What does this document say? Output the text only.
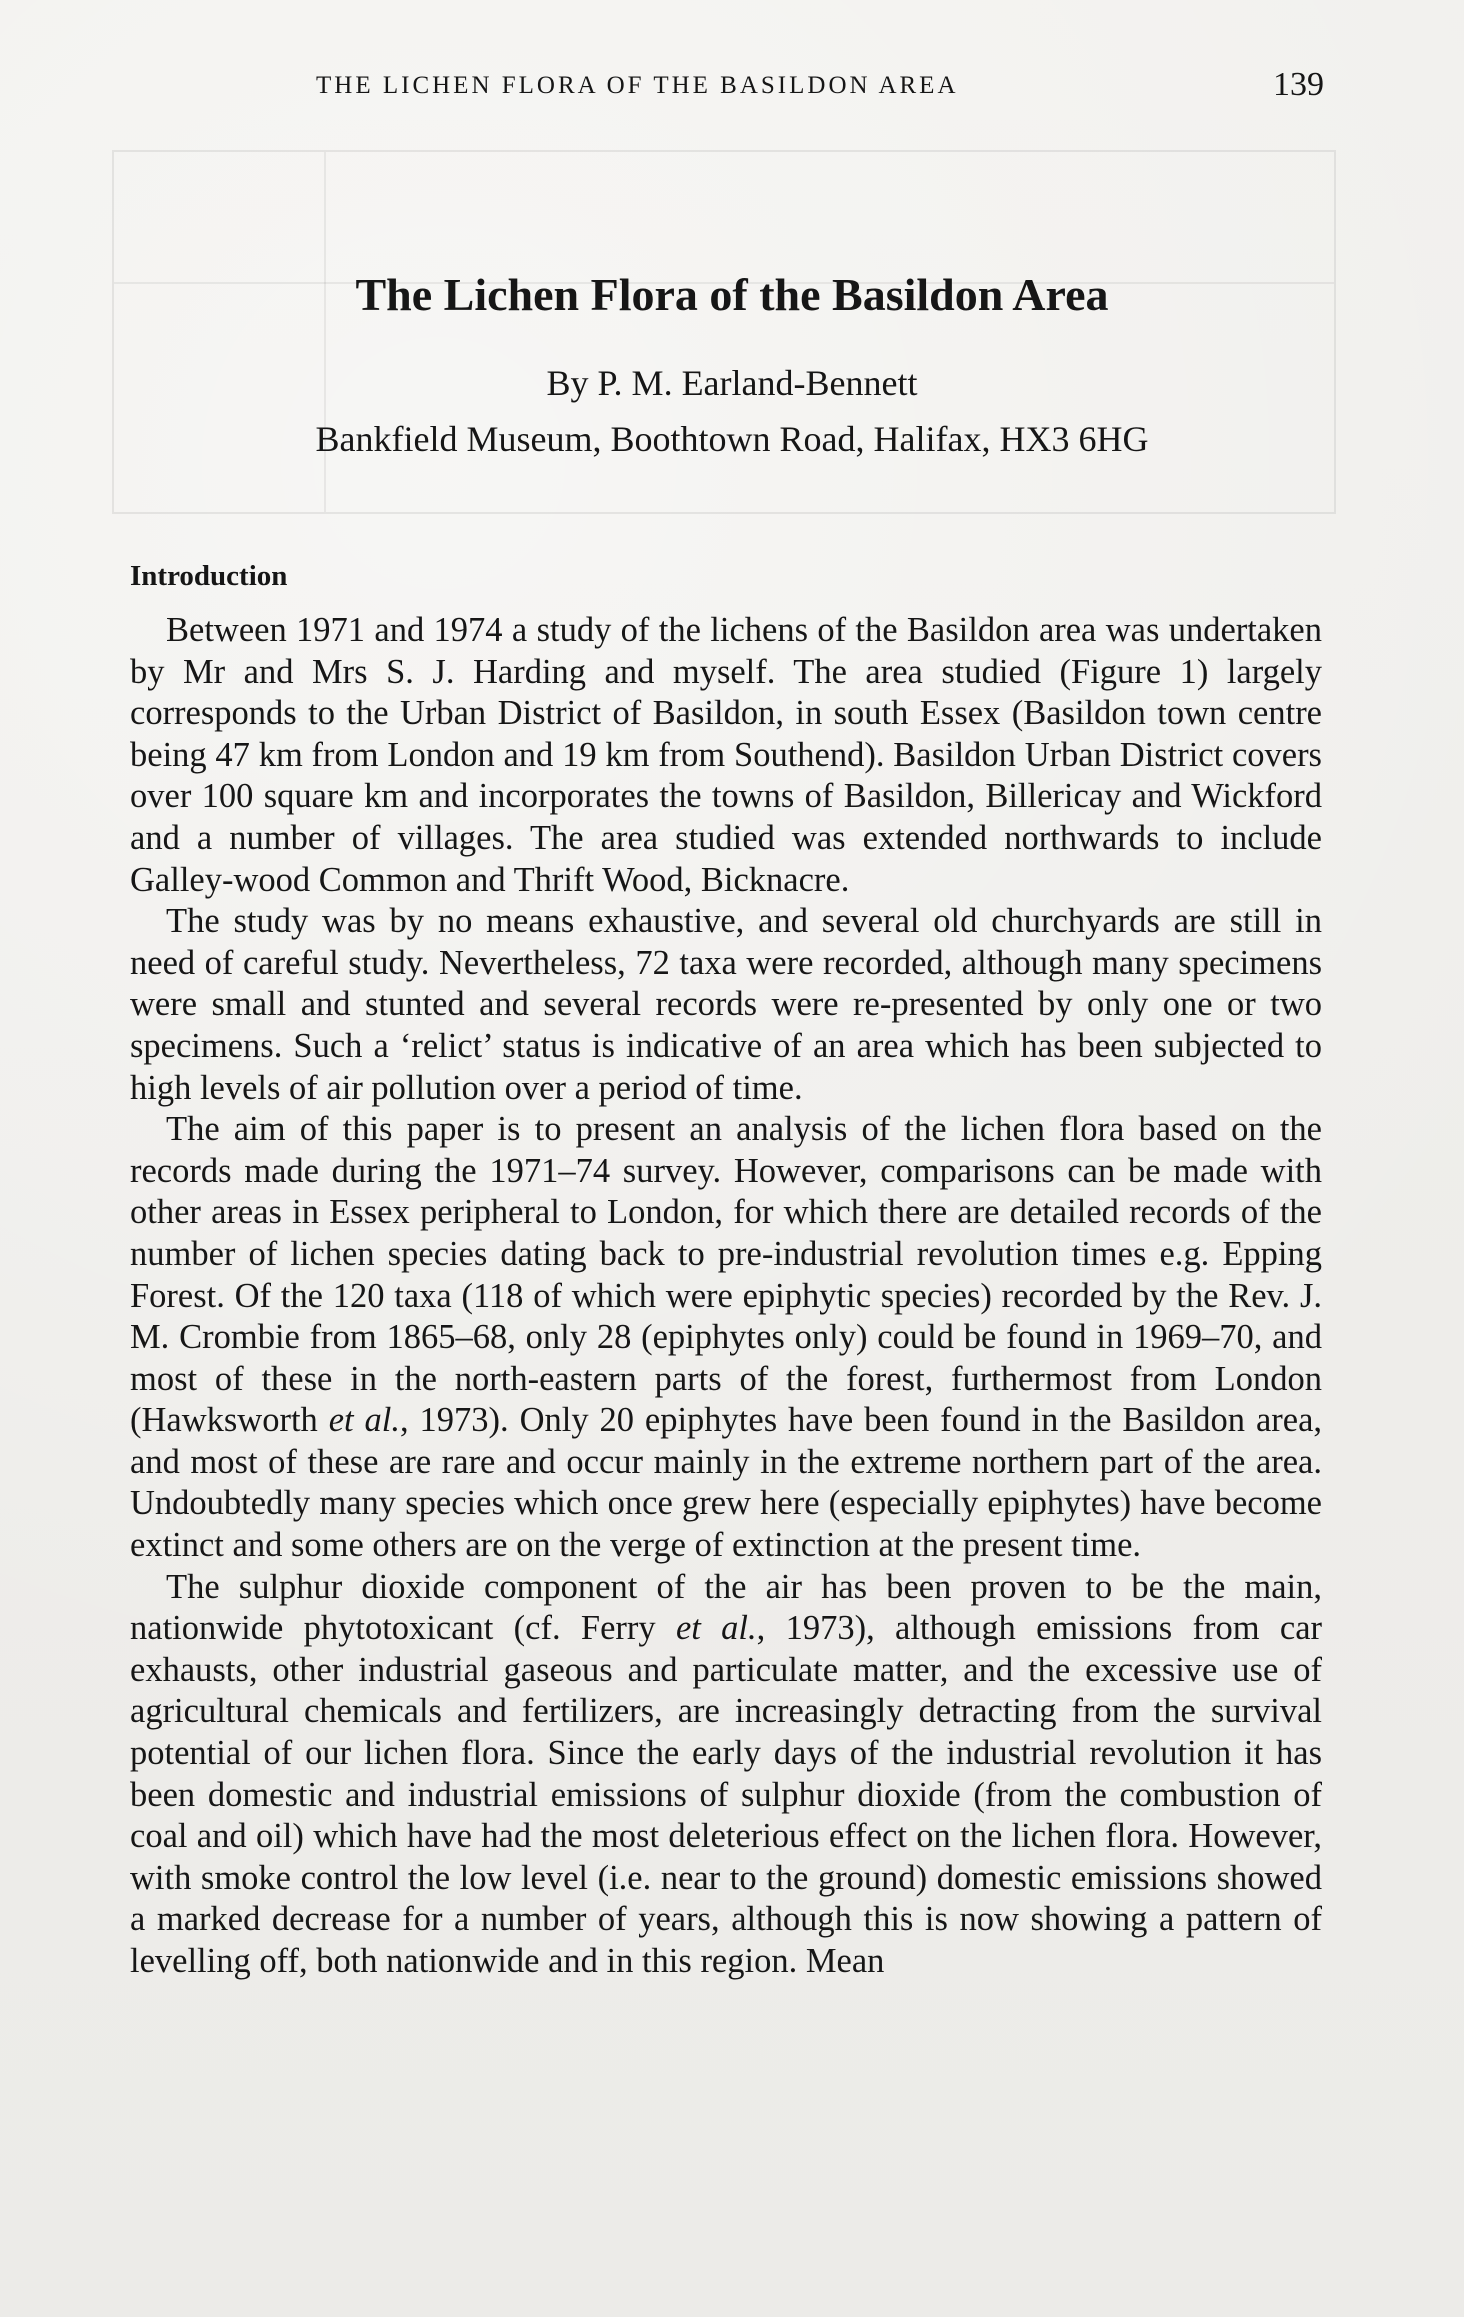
THE LICHEN FLORA OF THE BASILDON AREA	139
The Lichen Flora of the Basildon Area
By P. M. Earland-Bennett
Bankfield Museum, Boothtown Road, Halifax, HX3 6HG
Introduction

Between 1971 and 1974 a study of the lichens of the Basildon area was undertaken by Mr and Mrs S. J. Harding and myself. The area studied (Figure 1) largely corresponds to the Urban District of Basildon, in south Essex (Basildon town centre being 47 km from London and 19 km from Southend). Basildon Urban District covers over 100 square km and incorporates the towns of Basildon, Billericay and Wickford and a number of villages. The area studied was extended northwards to include Galley-wood Common and Thrift Wood, Bicknacre.

The study was by no means exhaustive, and several old churchyards are still in need of careful study. Nevertheless, 72 taxa were recorded, although many specimens were small and stunted and several records were re-presented by only one or two specimens. Such a ‘relict’ status is indicative of an area which has been subjected to high levels of air pollution over a period of time.

The aim of this paper is to present an analysis of the lichen flora based on the records made during the 1971–74 survey. However, comparisons can be made with other areas in Essex peripheral to London, for which there are detailed records of the number of lichen species dating back to pre-industrial revolution times e.g. Epping Forest. Of the 120 taxa (118 of which were epiphytic species) recorded by the Rev. J. M. Crombie from 1865–68, only 28 (epiphytes only) could be found in 1969–70, and most of these in the north-eastern parts of the forest, furthermost from London (Hawksworth et al., 1973). Only 20 epiphytes have been found in the Basildon area, and most of these are rare and occur mainly in the extreme northern part of the area. Undoubtedly many species which once grew here (especially epiphytes) have become extinct and some others are on the verge of extinction at the present time.

The sulphur dioxide component of the air has been proven to be the main, nationwide phytotoxicant (cf. Ferry et al., 1973), although emissions from car exhausts, other industrial gaseous and particulate matter, and the excessive use of agricultural chemicals and fertilizers, are increasingly detracting from the survival potential of our lichen flora. Since the early days of the industrial revolution it has been domestic and industrial emissions of sulphur dioxide (from the combustion of coal and oil) which have had the most deleterious effect on the lichen flora. However, with smoke control the low level (i.e. near to the ground) domestic emissions showed a marked decrease for a number of years, although this is now showing a pattern of levelling off, both nationwide and in this region. Mean
